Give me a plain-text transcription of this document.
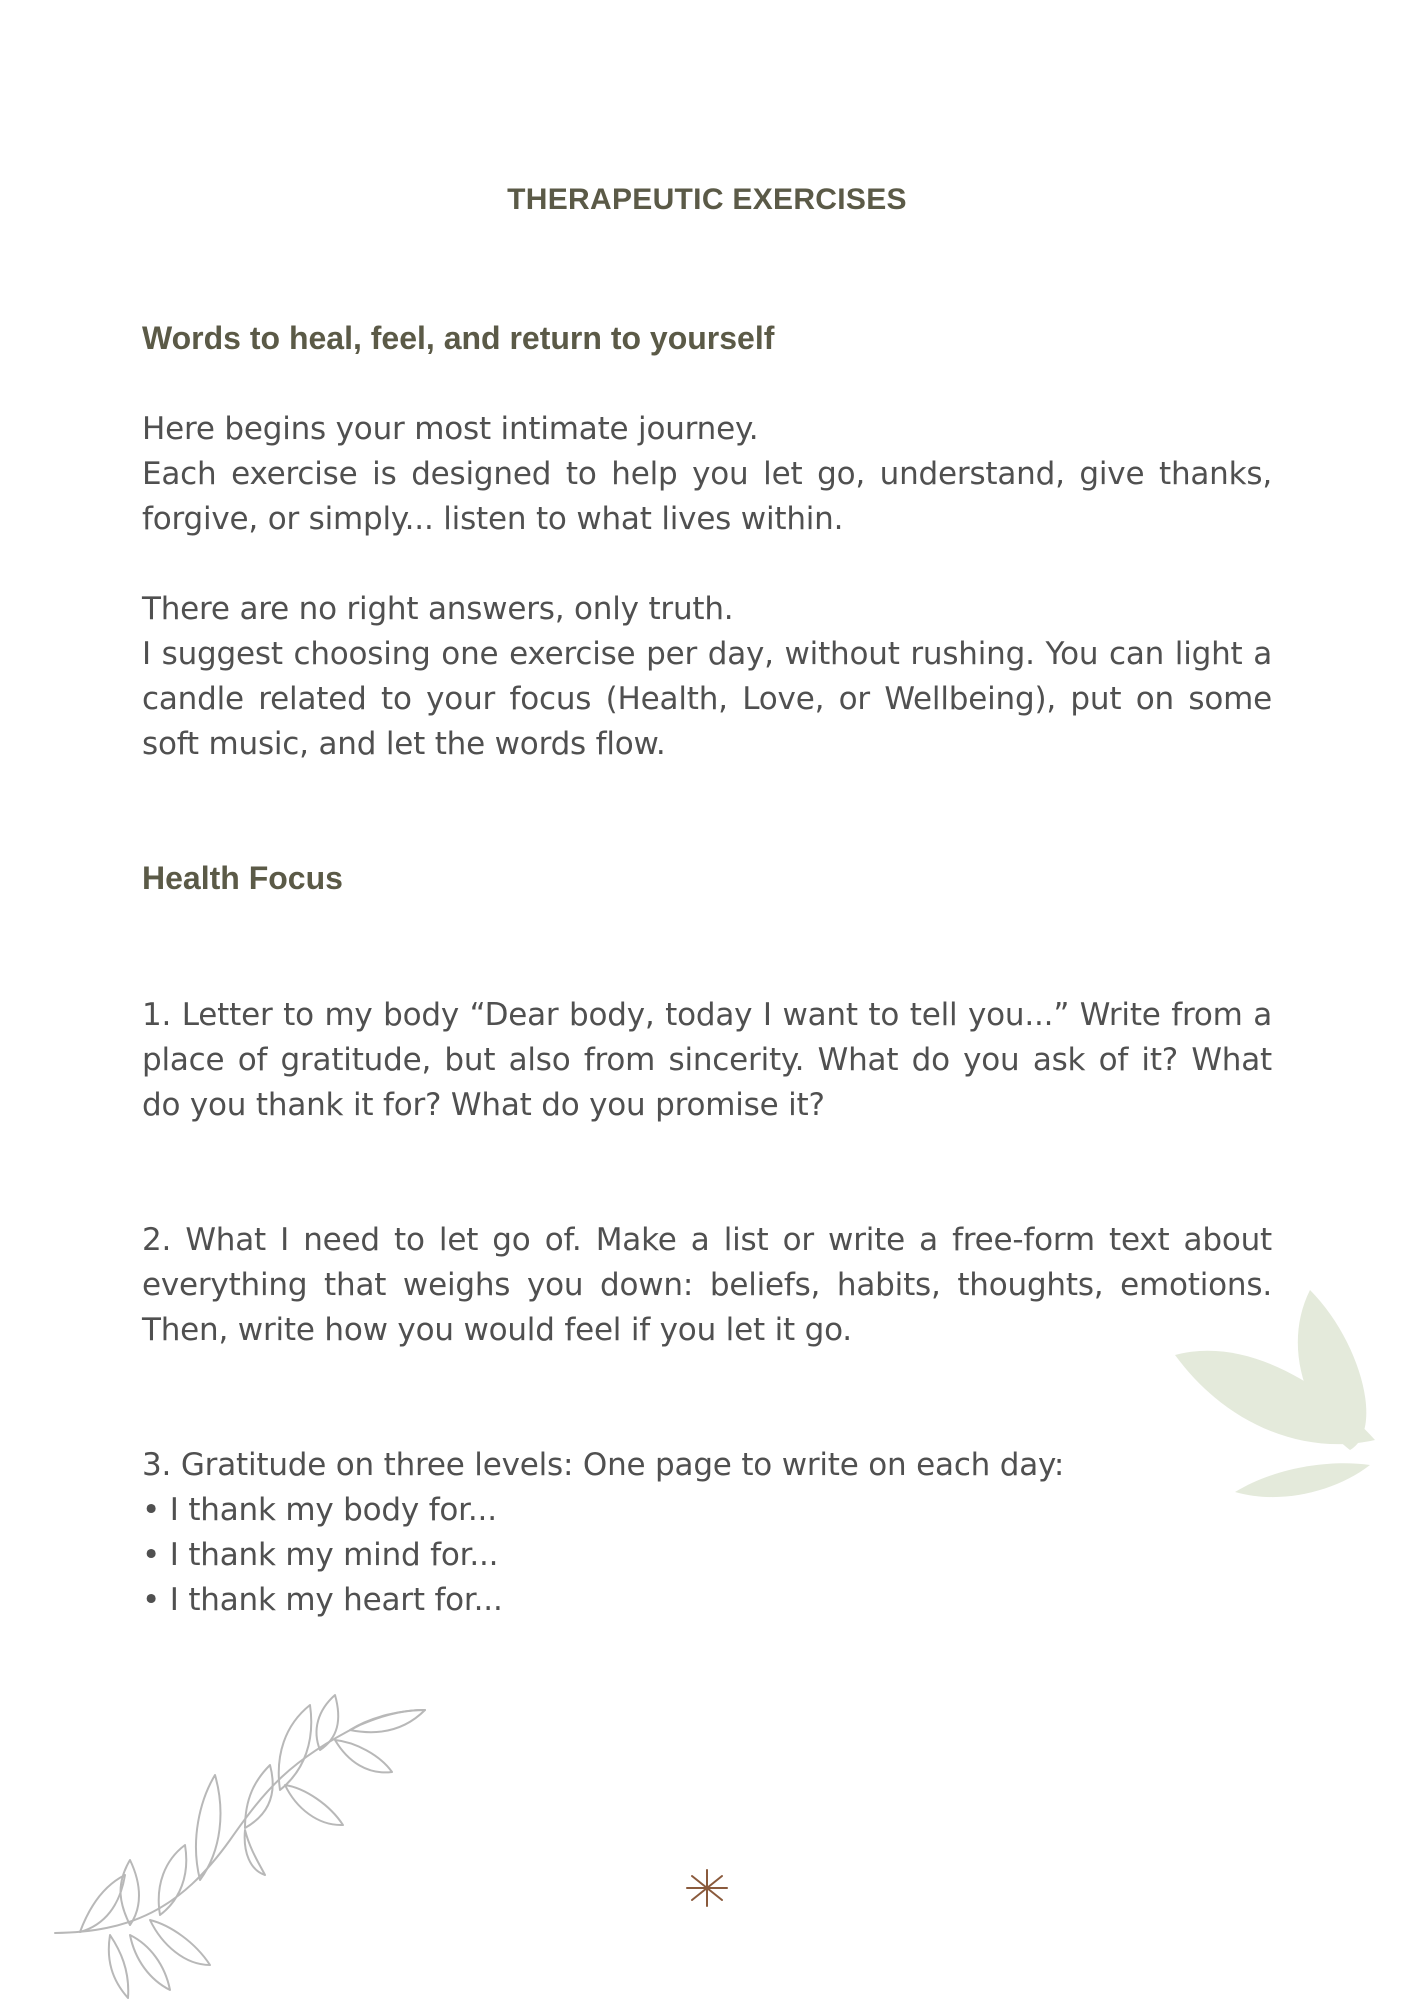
THERAPEUTIC EXERCISES
Words to heal, feel, and return to yourself
Here begins your most intimate journey.
Each exercise is designed to help you let go, understand, give thanks, forgive, or simply... listen to what lives within.
There are no right answers, only truth.
I suggest choosing one exercise per day, without rushing. You can light a candle related to your focus (Health, Love, or Wellbeing), put on some soft music, and let the words flow.
Health Focus
1. Letter to my body “Dear body, today I want to tell you...” Write from a place of gratitude, but also from sincerity. What do you ask of it? What do you thank it for? What do you promise it?
2. What I need to let go of. Make a list or write a free-form text about everything that weighs you down: beliefs, habits, thoughts, emotions. Then, write how you would feel if you let it go.
3. Gratitude on three levels: One page to write on each day:
• I thank my body for...
• I thank my mind for...
• I thank my heart for...
